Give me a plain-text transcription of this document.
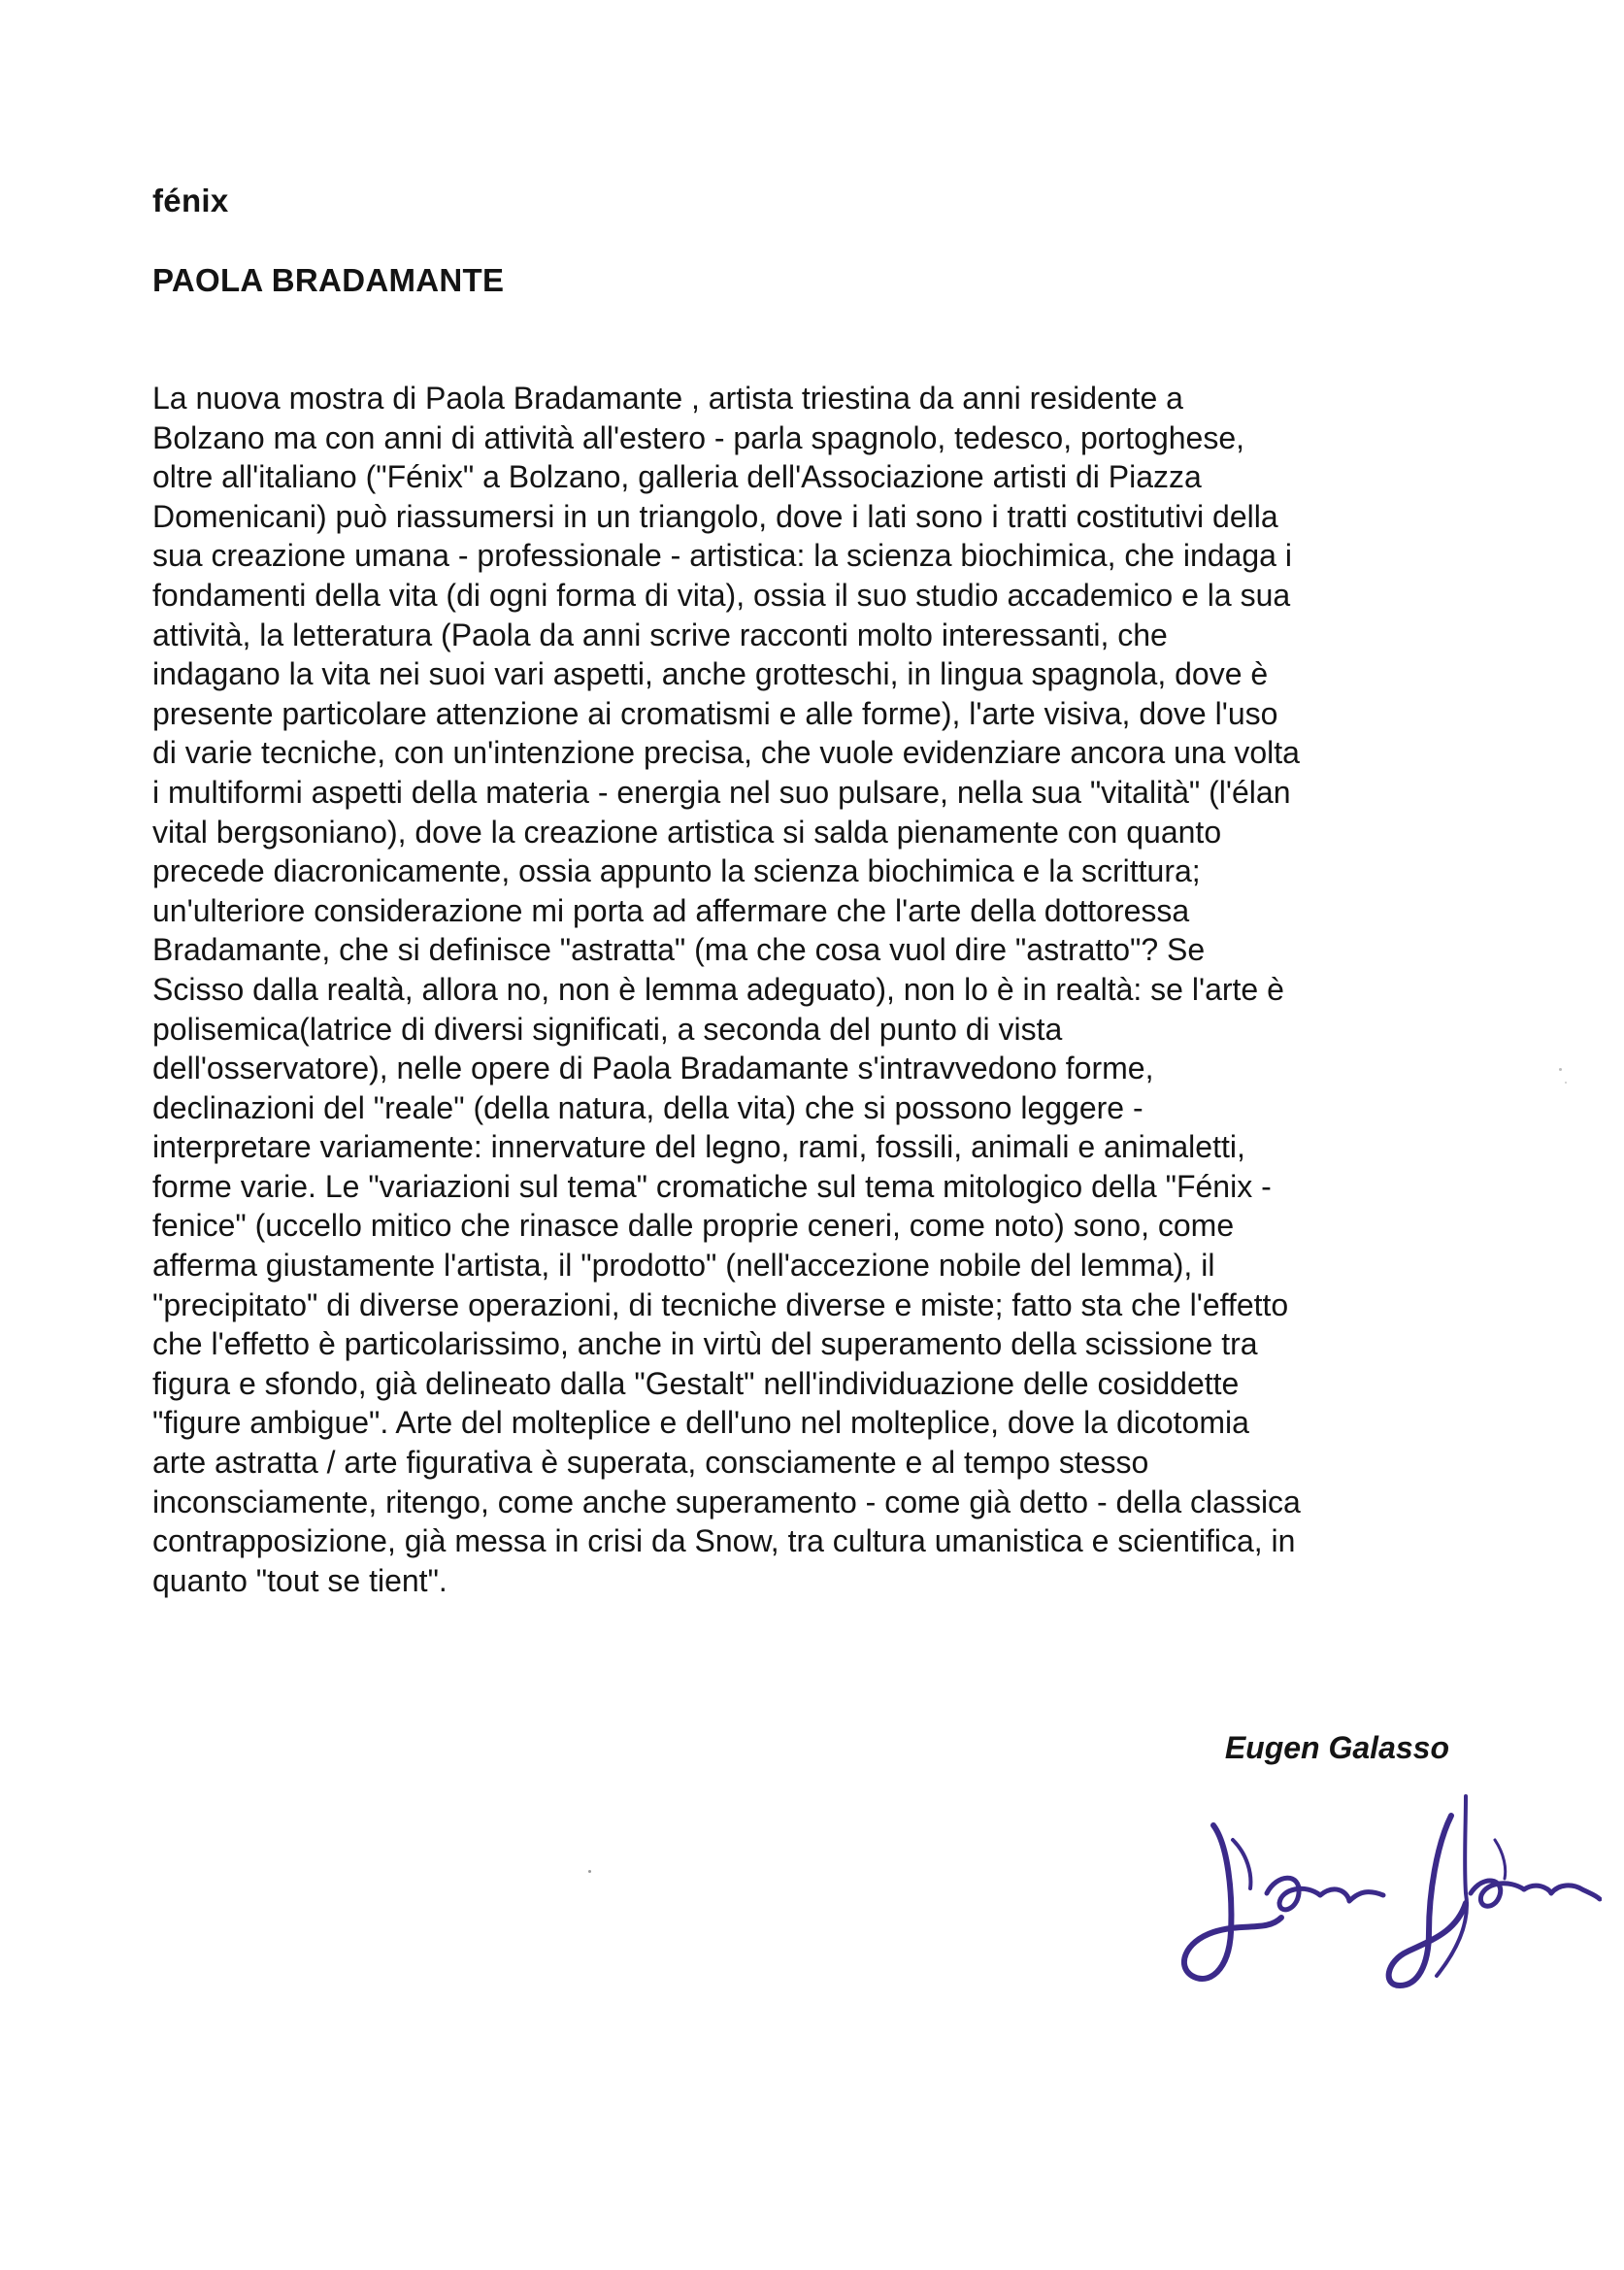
fénix
PAOLA BRADAMANTE
La nuova mostra di Paola Bradamante , artista triestina da anni residente a
Bolzano ma con anni di attività all'estero - parla spagnolo, tedesco, portoghese,
oltre all'italiano ("Fénix" a Bolzano, galleria dell'Associazione artisti di Piazza
Domenicani) può riassumersi in un triangolo, dove i lati sono i tratti costitutivi della
sua creazione umana - professionale - artistica: la scienza biochimica, che indaga i
fondamenti della vita (di ogni forma di vita), ossia il suo studio accademico e la sua
attività, la letteratura (Paola da anni scrive racconti molto interessanti, che
indagano la vita nei suoi vari aspetti, anche grotteschi, in lingua spagnola, dove è
presente particolare attenzione ai cromatismi e alle forme), l'arte visiva, dove l'uso
di varie tecniche, con un'intenzione precisa, che vuole evidenziare ancora una volta
i multiformi aspetti della materia - energia nel suo pulsare, nella sua "vitalità" (l'élan
vital bergsoniano), dove la creazione artistica si salda pienamente con quanto
precede diacronicamente, ossia appunto la scienza biochimica e la scrittura;
un'ulteriore considerazione mi porta ad affermare che l'arte della dottoressa
Bradamante, che si definisce "astratta" (ma che cosa vuol dire "astratto"? Se
Scisso dalla realtà, allora no, non è lemma adeguato), non lo è in realtà: se l'arte è
polisemica(latrice di diversi significati, a seconda del punto di vista
dell'osservatore), nelle opere di Paola Bradamante s'intravvedono forme,
declinazioni del "reale" (della natura, della vita) che si possono leggere -
interpretare variamente: innervature del legno, rami, fossili, animali e animaletti,
forme varie. Le "variazioni sul tema" cromatiche sul tema mitologico della "Fénix -
fenice" (uccello mitico che rinasce dalle proprie ceneri, come noto) sono, come
afferma giustamente l'artista, il "prodotto" (nell'accezione nobile del lemma), il
"precipitato" di diverse operazioni, di tecniche diverse e miste; fatto sta che l'effetto
che l'effetto è particolarissimo, anche in virtù del superamento della scissione tra
figura e sfondo, già delineato dalla "Gestalt" nell'individuazione delle cosiddette
"figure ambigue". Arte del molteplice e dell'uno nel molteplice, dove la dicotomia
arte astratta / arte figurativa è superata, consciamente e al tempo stesso
inconsciamente, ritengo, come anche superamento - come già detto - della classica
contrapposizione, già messa in crisi da Snow, tra cultura umanistica e scientifica, in
quanto "tout se tient".
Eugen Galasso
